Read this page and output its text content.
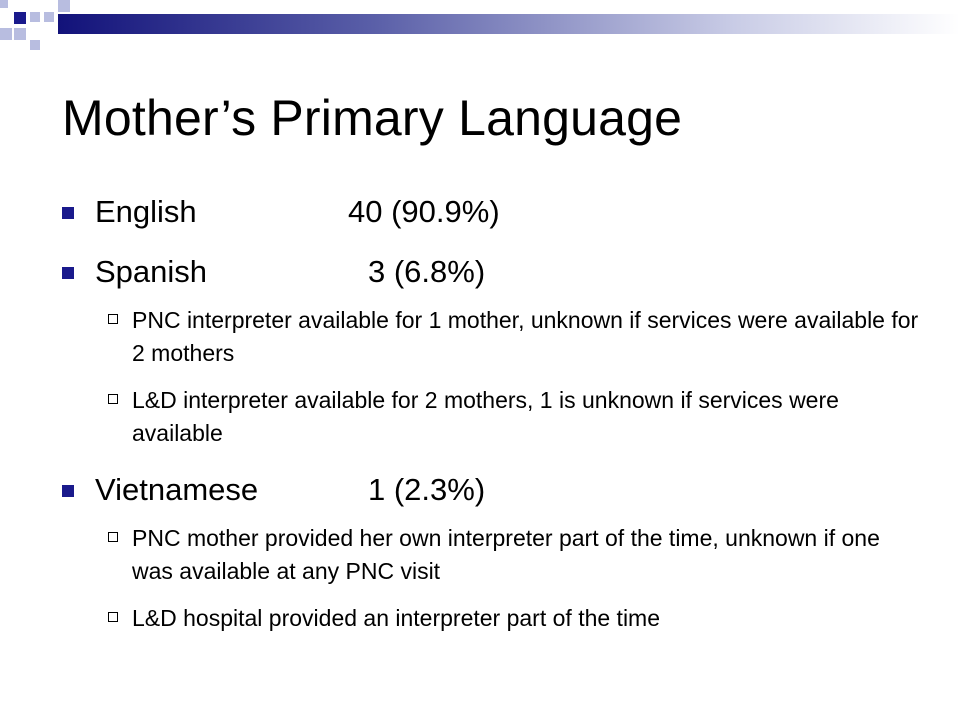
Mother’s Primary Language
English	40 (90.9%)
Spanish	3 (6.8%)
PNC interpreter available for 1 mother, unknown if services were available for 2 mothers
L&D interpreter available for 2 mothers, 1 is unknown if services were available
Vietnamese	1 (2.3%)
PNC mother provided her own interpreter part of the time, unknown if one was available at any PNC visit
L&D hospital provided an interpreter part of the time
